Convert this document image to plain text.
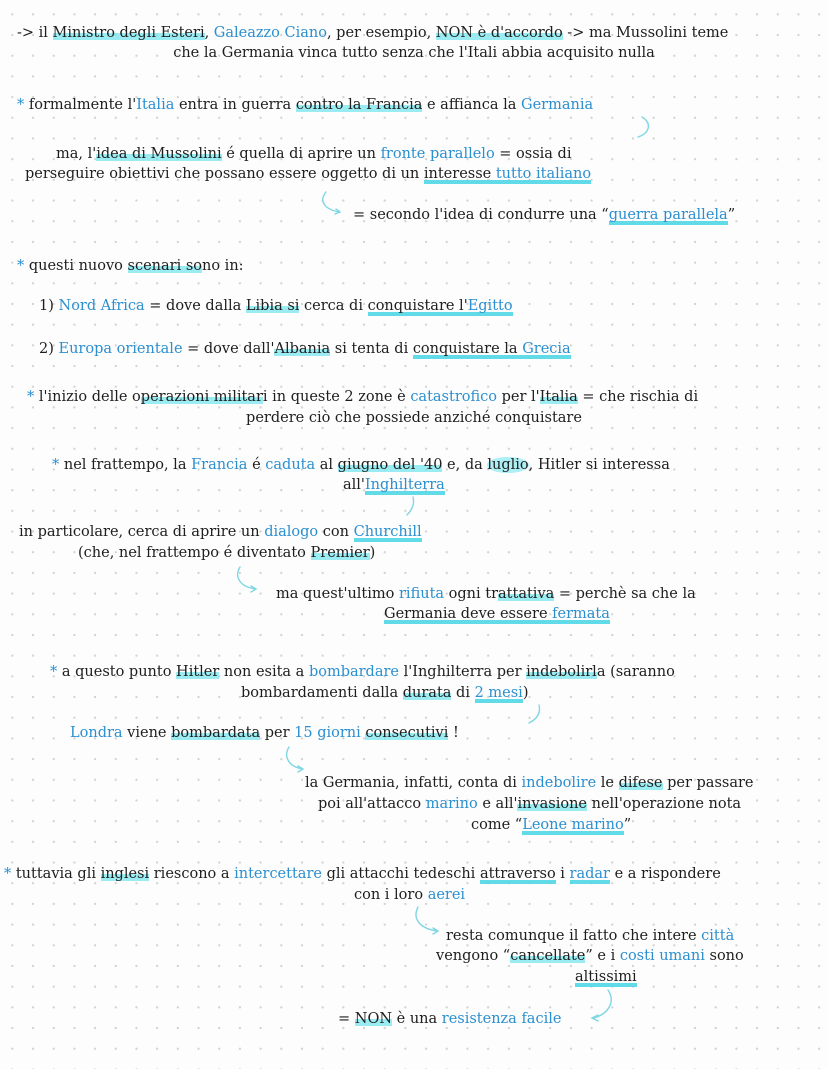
-> il Ministro degli Esteri, Galeazzo Ciano, per esempio, NON è d'accordo -> ma Mussolini teme
che la Germania vinca tutto senza che l'Itali abbia acquisito nulla
* formalmente l'Italia entra in guerra contro la Francia e affianca la Germania
ma, l'idea di Mussolini é quella di aprire un fronte parallelo = ossia di
perseguire obiettivi che possano essere oggetto di un interesse tutto italiano
= secondo l'idea di condurre una “guerra parallela”
* questi nuovo scenari sono in:
1) Nord Africa = dove dalla Libia si cerca di conquistare l'Egitto
2) Europa orientale = dove dall'Albania si tenta di conquistare la Grecia
* l'inizio delle operazioni militari in queste 2 zone è catastrofico per l'Italia = che rischia di
perdere ciò che possiede anziché conquistare
* nel frattempo, la Francia é caduta al giugno del '40 e, da luglio, Hitler si interessa
all'Inghilterra
in particolare, cerca di aprire un dialogo con Churchill
(che, nel frattempo é diventato Premier)
ma quest'ultimo rifiuta ogni trattativa = perchè sa che la
Germania deve essere fermata
* a questo punto Hitler non esita a bombardare l'Inghilterra per indebolirla (saranno
bombardamenti dalla durata di 2 mesi)
Londra viene bombardata per 15 giorni consecutivi !
la Germania, infatti, conta di indebolire le difese per passare
poi all'attacco marino e all'invasione nell'operazione nota
come “Leone marino”
* tuttavia gli inglesi riescono a intercettare gli attacchi tedeschi attraverso i radar e a rispondere
con i loro aerei
resta comunque il fatto che intere città
vengono “cancellate” e i costi umani sono
altissimi
= NON è una resistenza facile
